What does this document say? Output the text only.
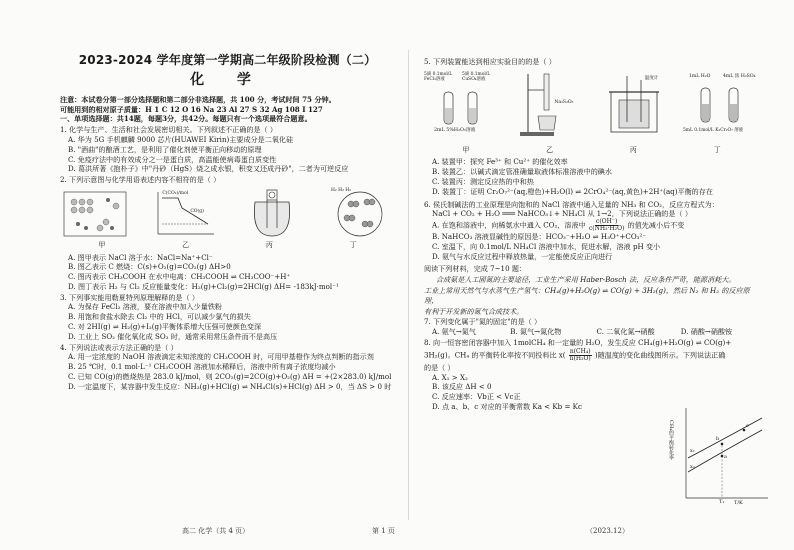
2023-2024 学年度第一学期高二年级阶段检测（二）
化 学

注意：本试卷分第一部分选择题和第二部分非选择题，共 100 分，考试时间 75 分钟。

可能用到的相对原子质量：H 1 C 12 O 16 Na 23 Al 27 S 32 Ag 108 I 127

一、单项选择题：共14题，每题3分，共42分。每题只有一个选项最符合题意。

1. 化学与生产、生活和社会发展密切相关。下列叙述不正确的是（ ）

A. 华为 5G 手机麒麟 9000 芯片(HUAWEI Kirin)主要成分是二氧化硅

B. "酒曲"的酿酒工艺，是利用了催化剂使平衡正向移动的原理

C. 免疫疗法中的有效成分之一是蛋白质，高温能使病毒蛋白质变性

D. 葛洪所著《抱朴子》中"丹砂（HgS）烧之成水银，积变又还成丹砂"，二者为可逆反应

2. 下列示意图与化学用语表述内容不相符的是（ ）

C(CO₂)/mol
CO(g)
H₂ H₂ H₂
甲	乙	丙	丁

A. 图甲表示 NaCl 溶于水：NaCl=Na⁺+Cl⁻

B. 图乙表示 C 燃烧：C(s)+O₂(g)=CO₂(g) ΔH>0

C. 图丙表示 CH₃COOH 在水中电离：CH₃COOH ⇌ CH₃COO⁻+H⁺

D. 图丁表示 H₂ 与 Cl₂ 反应能量变化：H₂(g)+Cl₂(g)=2HCl(g) ΔH= -183kJ·mol⁻¹

3. 下列事实能用勒夏特列原理解释的是（ ）

A. 为保存 FeCl₂ 溶液，要在溶液中加入少量铁粉

B. 用饱和食盐水除去 Cl₂ 中的 HCl，可以减少氯气的损失

C. 对 2HI(g) ⇌ H₂(g)+I₂(g)平衡体系增大压强可使颜色变深

D. 工业上 SO₂ 催化氧化成 SO₃ 时，通常采用常压条件而不是高压

4. 下列说法或表示方法正确的是（ ）

A. 用一定浓度的 NaOH 溶液滴定未知浓度的 CH₃COOH 时，可用甲基橙作为终点判断的指示剂

B. 25 ℃时，0.1 mol·L⁻¹ CH₃COOH 溶液加水稀释后，溶液中所有离子浓度均减小

C. 已知 CO(g)的燃烧热是 283.0 kJ/mol，则 2CO₂(g)=2CO(g)+O₂(g) ΔH = +(2×283.0) kJ/mol

D. 一定温度下，某容器中发生反应：NH₃(g)+HCl(g) ⇌ NH₄Cl(s)+HCl(g) ΔH > 0，当 ΔS > 0 时

5. 下列装置能达到相应实验目的的是（ ）

5滴 0.1mol/L FeCl₃溶液
5滴 0.1mol/L CuSO₄溶液
2mL 5%H₂O₂溶液
Na₂S₂O₃
温度计	1mL H₂O	4mL 浓 H₂SO₄
5mL 0.1mol/L K₂Cr₂O₇ 溶液
甲	乙	丙	丁

A. 装置甲：探究 Fe³⁺ 和 Cu²⁺ 的催化效率

B. 装置乙：以碱式滴定管准确量取液体标准溶液中的碘水

C. 装置丙：测定反应热的中和热

D. 装置丁：证明 Cr₂O₇²⁻(aq,橙色)+H₂O(l) ⇌ 2CrO₄²⁻(aq,黄色)+2H⁺(aq)平衡的存在

6. 侯氏制碱法的工业原理是向饱和的 NaCl 溶液中通入足量的 NH₃ 和 CO₂，反应方程式为：

NaCl + CO₂ + H₂O ═══ NaHCO₃↓+ NH₄Cl 从 1→2，下列说法正确的是（ ）

A. 在饱和溶液中，向稀氨水中通入 CO₂，溶液中 $\frac{c(OH^-)}{\text{c(NH₃·H₂O)}}$ 的值先减小后不变

B. NaHCO₃ 溶液显碱性的原因是：HCO₃⁻+H₂O ⇌ H₃O⁺+CO₃²⁻

C. 室温下，向 0.1mol/L NH₄Cl 溶液中加水，促进水解，溶液 pH 变小

D. 氨气与水反应过程中释放热量，一定能使反应正向进行

阅读下列材料，完成 7~10 题：

合成氨是人工固氮的主要途径，工业生产采用 Haber-Bosch 法，反应条件严苛，能源消耗大。

工业上常用天然气与水蒸气生产氢气：CH₄(g)+H₂O(g) ⇌ CO(g) + 3H₂(g)，然后 N₂ 和 H₂ 的反应原理，

有利于开发新的氮气合成技术。

7. 下列变化属于"氮的固定"的是（ ）

A. 氨气→氮气	B. 氮气→氮化物	C. 二氧化氮→硝酸	D. 硝酸→硝酸铵

8. 向一恒容密闭容器中加入 1molCH₄ 和一定量的 H₂O，发生反应 CH₄(g)+H₂O(g) ⇌ CO(g)+

3H₂(g)。CH₄ 的平衡转化率按不同投料比 $x( \frac{\text{n(CH₄)}}{\text{n(H₂O)}}$ )随温度的变化曲线图所示。下列说法正确

的是（ ）

A. X₁ > X₂

B. 该反应 ΔH < 0

C. 反应速率：Vb正 < Vc正

D. 点 a、b、c 对应的平衡常数 Ka < Kb = Kc

CH₄的平衡转化率
T/K
a
b
c
x₁
x₂
T₁
高二 化学（共 4 页）	第 1 页	（2023.12）
